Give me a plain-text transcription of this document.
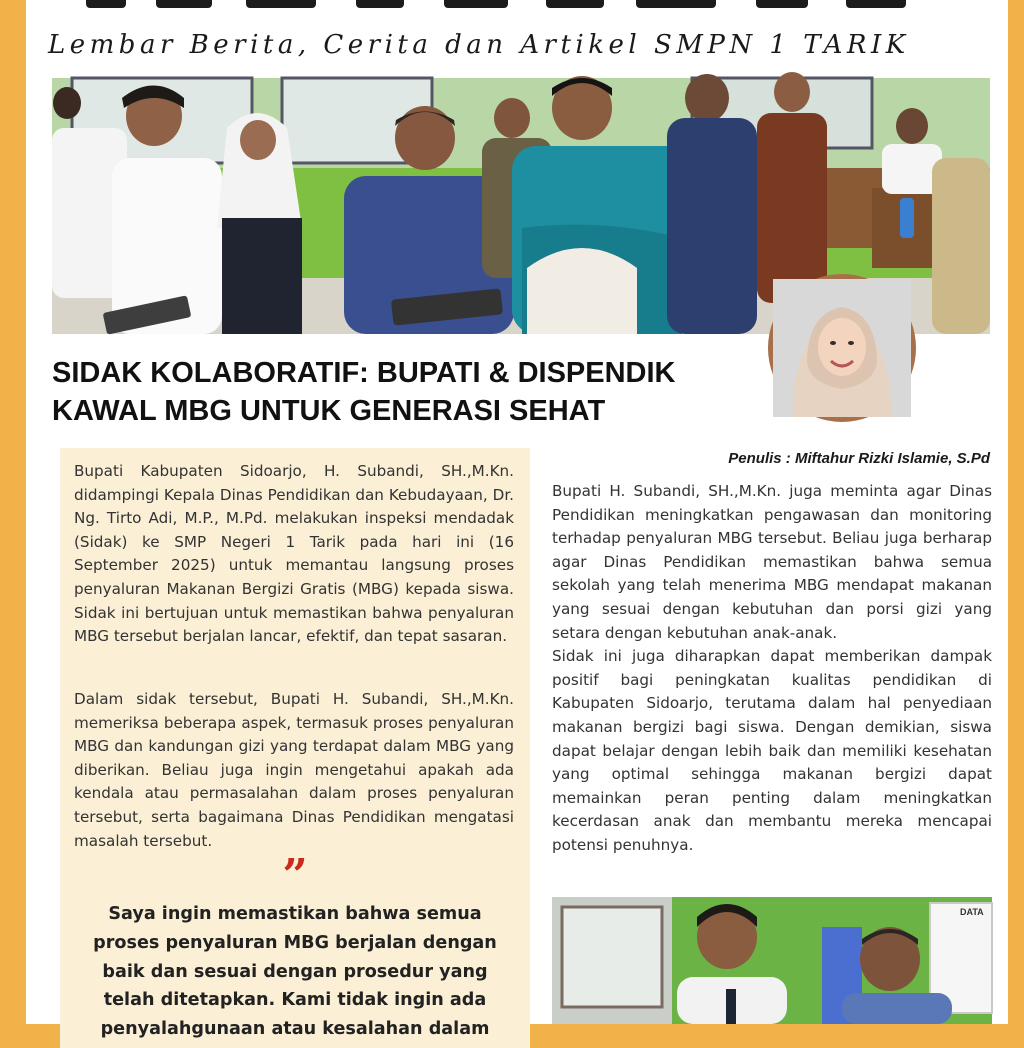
Lembar Berita, Cerita dan Artikel SMPN 1 TARIK
SIDAK KOLABORATIF: BUPATI & DISPENDIK
KAWAL MBG UNTUK GENERASI SEHAT
Bupati Kabupaten Sidoarjo, H. Subandi, SH.,M.Kn. didampingi Kepala Dinas Pendidikan dan Kebudayaan, Dr. Ng. Tirto Adi, M.P., M.Pd. melakukan inspeksi mendadak (Sidak) ke SMP Negeri 1 Tarik pada hari ini (16 September 2025) untuk memantau langsung proses penyaluran Makanan Bergizi Gratis (MBG) kepada siswa. Sidak ini bertujuan untuk memastikan bahwa penyaluran MBG tersebut berjalan lancar, efektif, dan tepat sasaran.
Dalam sidak tersebut, Bupati H. Subandi, SH.,M.Kn. memeriksa beberapa aspek, termasuk proses penyaluran MBG dan kandungan gizi yang terdapat dalam MBG yang diberikan. Beliau juga ingin mengetahui apakah ada kendala atau permasalahan dalam proses penyaluran tersebut, serta bagaimana Dinas Pendidikan mengatasi masalah tersebut.
”
Saya ingin memastikan bahwa semua proses penyaluran MBG berjalan dengan baik dan sesuai dengan prosedur yang telah ditetapkan. Kami tidak ingin ada penyalahgunaan atau kesalahan dalam
Penulis : Miftahur Rizki Islamie, S.Pd

Bupati H. Subandi, SH.,M.Kn. juga meminta agar Dinas Pendidikan meningkatkan pengawasan dan monitoring terhadap penyaluran MBG tersebut. Beliau juga berharap agar Dinas Pendidikan memastikan bahwa semua sekolah yang telah menerima MBG mendapat makanan yang sesuai dengan kebutuhan dan porsi gizi yang setara dengan kebutuhan anak-anak.

Sidak ini juga diharapkan dapat memberikan dampak positif bagi peningkatan kualitas pendidikan di Kabupaten Sidoarjo, terutama dalam hal penyediaan makanan bergizi bagi siswa. Dengan demikian, siswa dapat belajar dengan lebih baik dan memiliki kesehatan yang optimal sehingga makanan bergizi dapat memainkan peran penting dalam meningkatkan kecerdasan anak dan membantu mereka mencapai potensi penuhnya.

DATA
